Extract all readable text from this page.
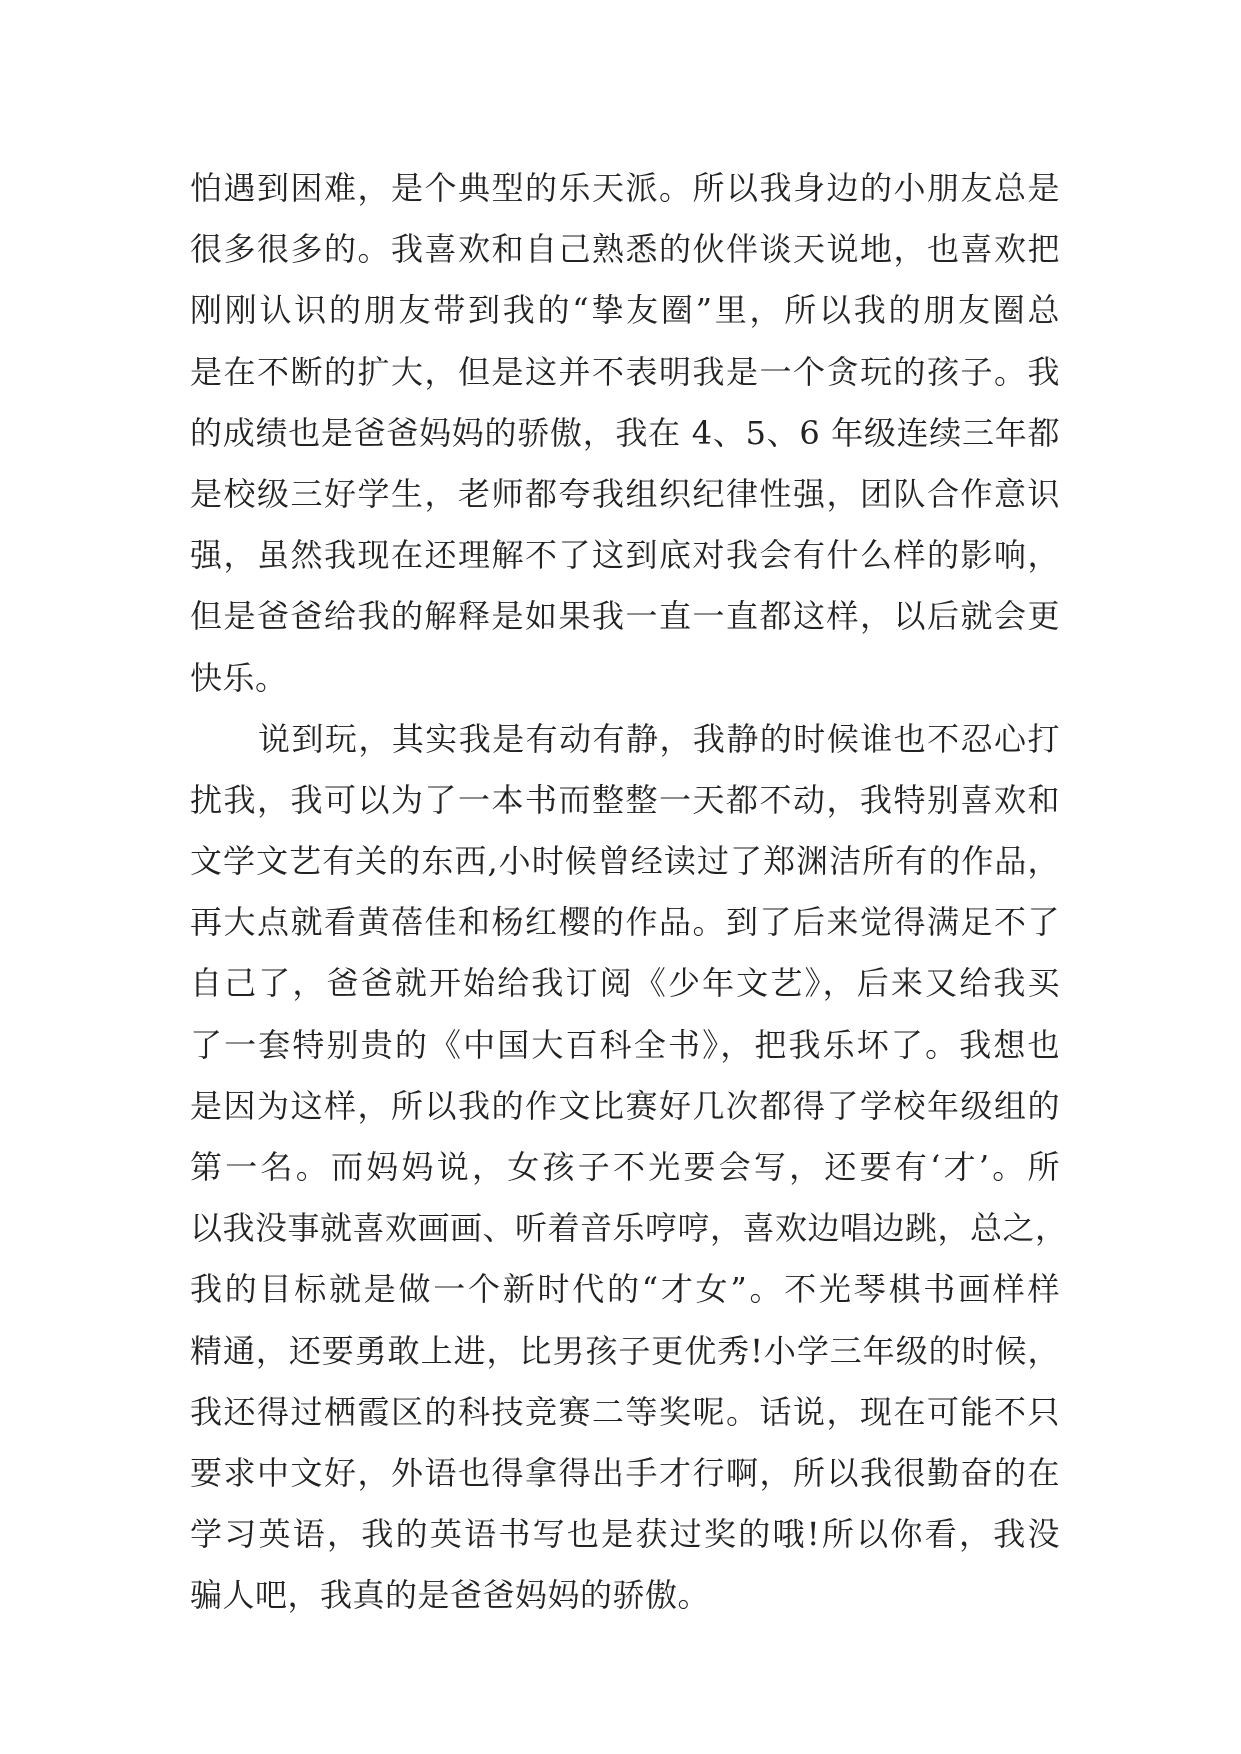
怕遇到困难，是个典型的乐天派。所以我身边的小朋友总是
很多很多的。我喜欢和自己熟悉的伙伴谈天说地，也喜欢把
刚刚认识的朋友带到我的“挚友圈”里，所以我的朋友圈总
是在不断的扩大，但是这并不表明我是一个贪玩的孩子。我
的成绩也是爸爸妈妈的骄傲，我在 4、5、6 年级连续三年都
是校级三好学生，老师都夸我组织纪律性强，团队合作意识
强，虽然我现在还理解不了这到底对我会有什么样的影响，
但是爸爸给我的解释是如果我一直一直都这样，以后就会更
快乐。
说到玩，其实我是有动有静，我静的时候谁也不忍心打
扰我，我可以为了一本书而整整一天都不动，我特别喜欢和
文学文艺有关的东西,小时候曾经读过了郑渊洁所有的作品，
再大点就看黄蓓佳和杨红樱的作品。到了后来觉得满足不了
自己了，爸爸就开始给我订阅《少年文艺》，后来又给我买
了一套特别贵的《中国大百科全书》，把我乐坏了。我想也
是因为这样，所以我的作文比赛好几次都得了学校年级组的
第一名。而妈妈说，女孩子不光要会写，还要有‘才’。所
以我没事就喜欢画画、听着音乐哼哼，喜欢边唱边跳，总之，
我的目标就是做一个新时代的“才女”。不光琴棋书画样样
精通，还要勇敢上进，比男孩子更优秀!小学三年级的时候，
我还得过栖霞区的科技竞赛二等奖呢。话说，现在可能不只
要求中文好，外语也得拿得出手才行啊，所以我很勤奋的在
学习英语，我的英语书写也是获过奖的哦!所以你看，我没
骗人吧，我真的是爸爸妈妈的骄傲。
